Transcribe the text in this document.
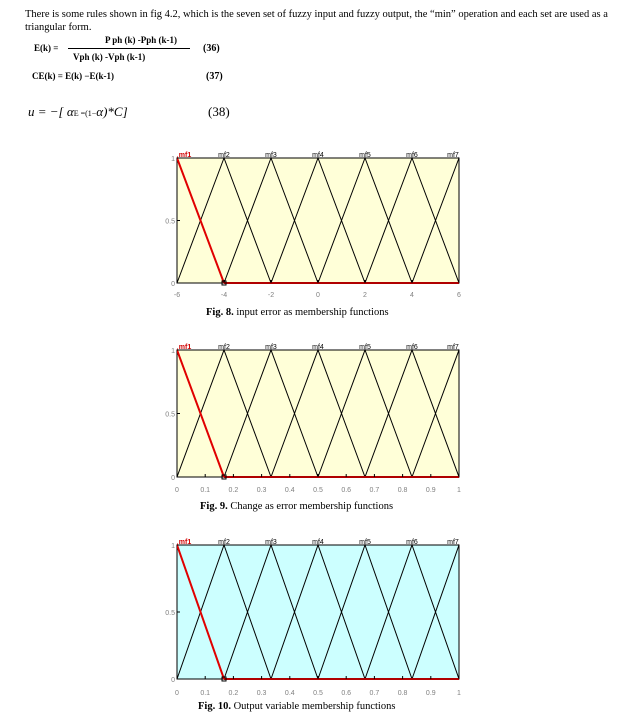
There is some rules shown in fig 4.2, which is the seven set of fuzzy input and fuzzy output, the “min” operation and each set are used as a triangular form.
E(k) =
P ph (k) -Pph (k-1)
Vph (k) -Vph (k-1)
(36)
CE(k) = E(k) −E(k-1)	(37)
u = −[ αE =(1−α)*C]	(38)
mf1	mf2	mf3	mf4	mf5	mf6	mf7
0
0.5
1
-6	-4	-2	0	2	4	6
Fig. 8. input error as membership functions
mf1	mf2	mf3	mf4	mf5	mf6	mf7
0
0.5
1
0	0.1	0.2	0.3	0.4	0.5	0.6	0.7	0.8	0.9	1
Fig. 9. Change as error membership functions
mf1	mf2	mf3	mf4	mf5	mf6	mf7
0
0.5
1
0	0.1	0.2	0.3	0.4	0.5	0.6	0.7	0.8	0.9	1
Fig. 10. Output variable membership functions
